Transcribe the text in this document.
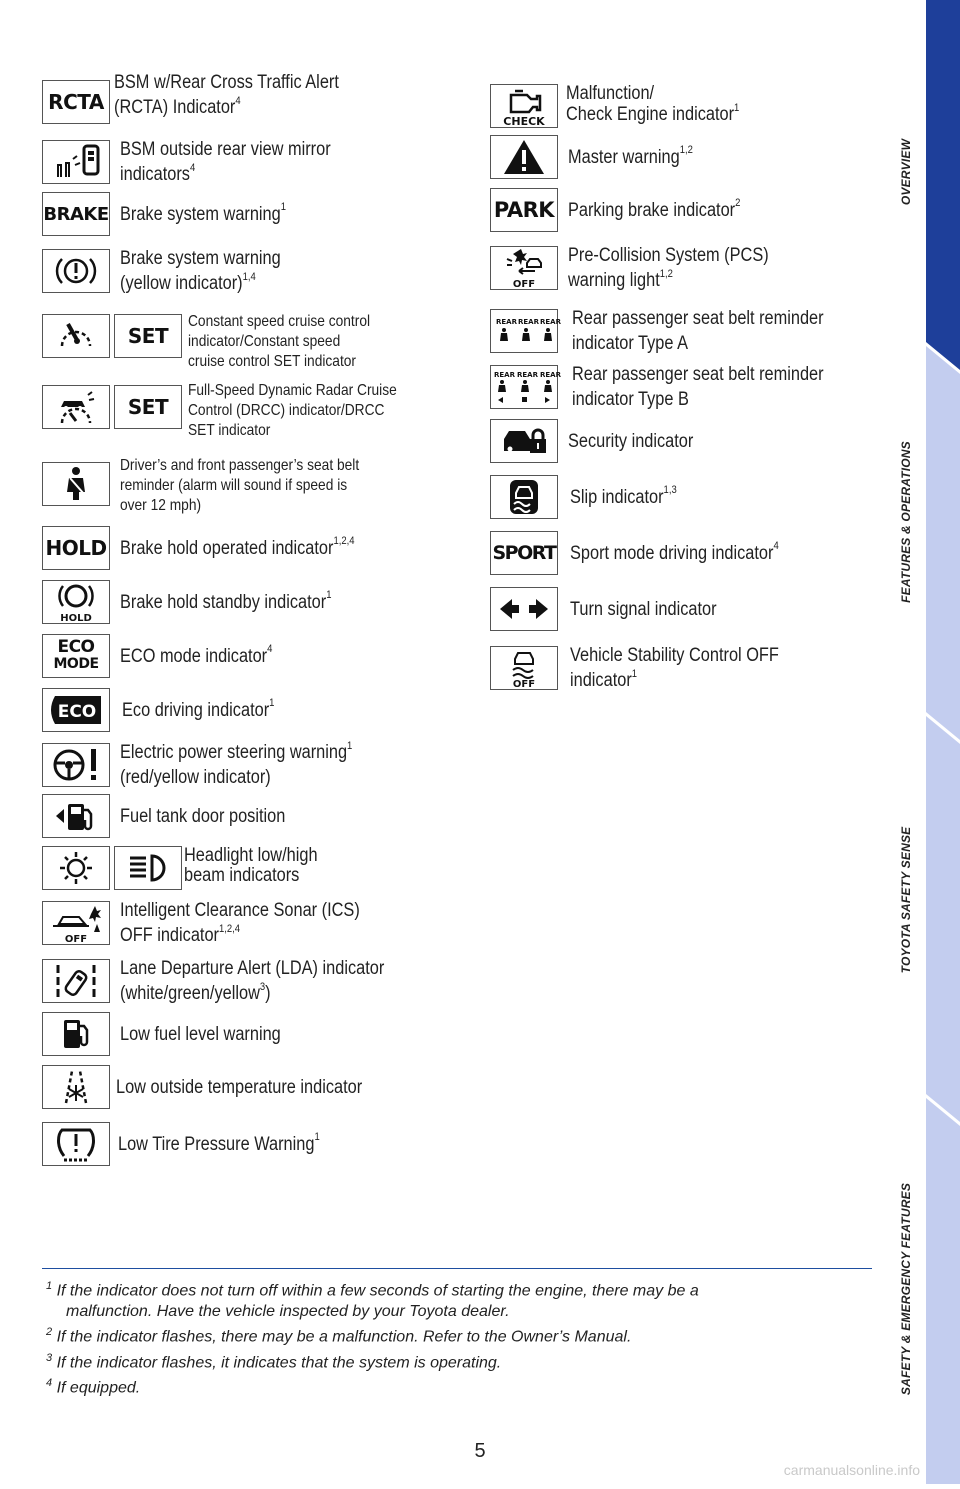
OVERVIEW
FEATURES & OPERATIONS
TOYOTA SAFETY SENSE
SAFETY & EMERGENCY FEATURES
RCTA
BSM w/Rear Cross Traffic Alert
(RCTA) Indicator$^4$
BSM outside rear view mirror
indicators$^4$
BRAKE Brake system warning$^1$
Brake system warning
(yellow indicator)$^{1,4}$
SET
Constant speed cruise control
indicator/Constant speed
cruise control SET indicator
SET
Full-Speed Dynamic Radar Cruise
Control (DRCC) indicator/DRCC
SET indicator
Driver’s and front passenger’s seat belt
reminder (alarm will sound if speed is
over 12 mph)
HOLD Brake hold operated indicator$^{1,2,4}$
HOLD
Brake hold standby indicator$^1$
ECO
MODE ECO mode indicator$^4$
ECO Eco driving indicator$^1$
Electric power steering warning$^1$
(red/yellow indicator)
Fuel tank door position
Headlight low/high
beam indicators
OFF
Intelligent Clearance Sonar (ICS)
OFF indicator$^{1,2,4}$
Lane Departure Alert (LDA) indicator
(white/green/yellow$^3$)
Low fuel level warning
Low outside temperature indicator
Low Tire Pressure Warning$^1$
CHECK
Malfunction/
Check Engine indicator$^1$
Master warning$^{1,2}$
PARK Parking brake indicator$^2$
OFF
Pre-Collision System (PCS)
warning light$^{1,2}$
REAR REAR REAR Rear passenger seat belt reminder
indicator Type A
REAR REAR REAR Rear passenger seat belt reminder
indicator Type B
Security indicator
Slip indicator$^{1,3}$
SPORT Sport mode driving indicator$^4$
Turn signal indicator
OFF
Vehicle Stability Control OFF
indicator$^1$
$^1$ If the indicator does not turn off within a few seconds of starting the engine, there may be a
malfunction. Have the vehicle inspected by your Toyota dealer.
$^2$ If the indicator flashes, there may be a malfunction. Refer to the Owner’s Manual.
$^3$ If the indicator flashes, it indicates that the system is operating.
$^4$ If equipped.
5
carmanualsonline.info
